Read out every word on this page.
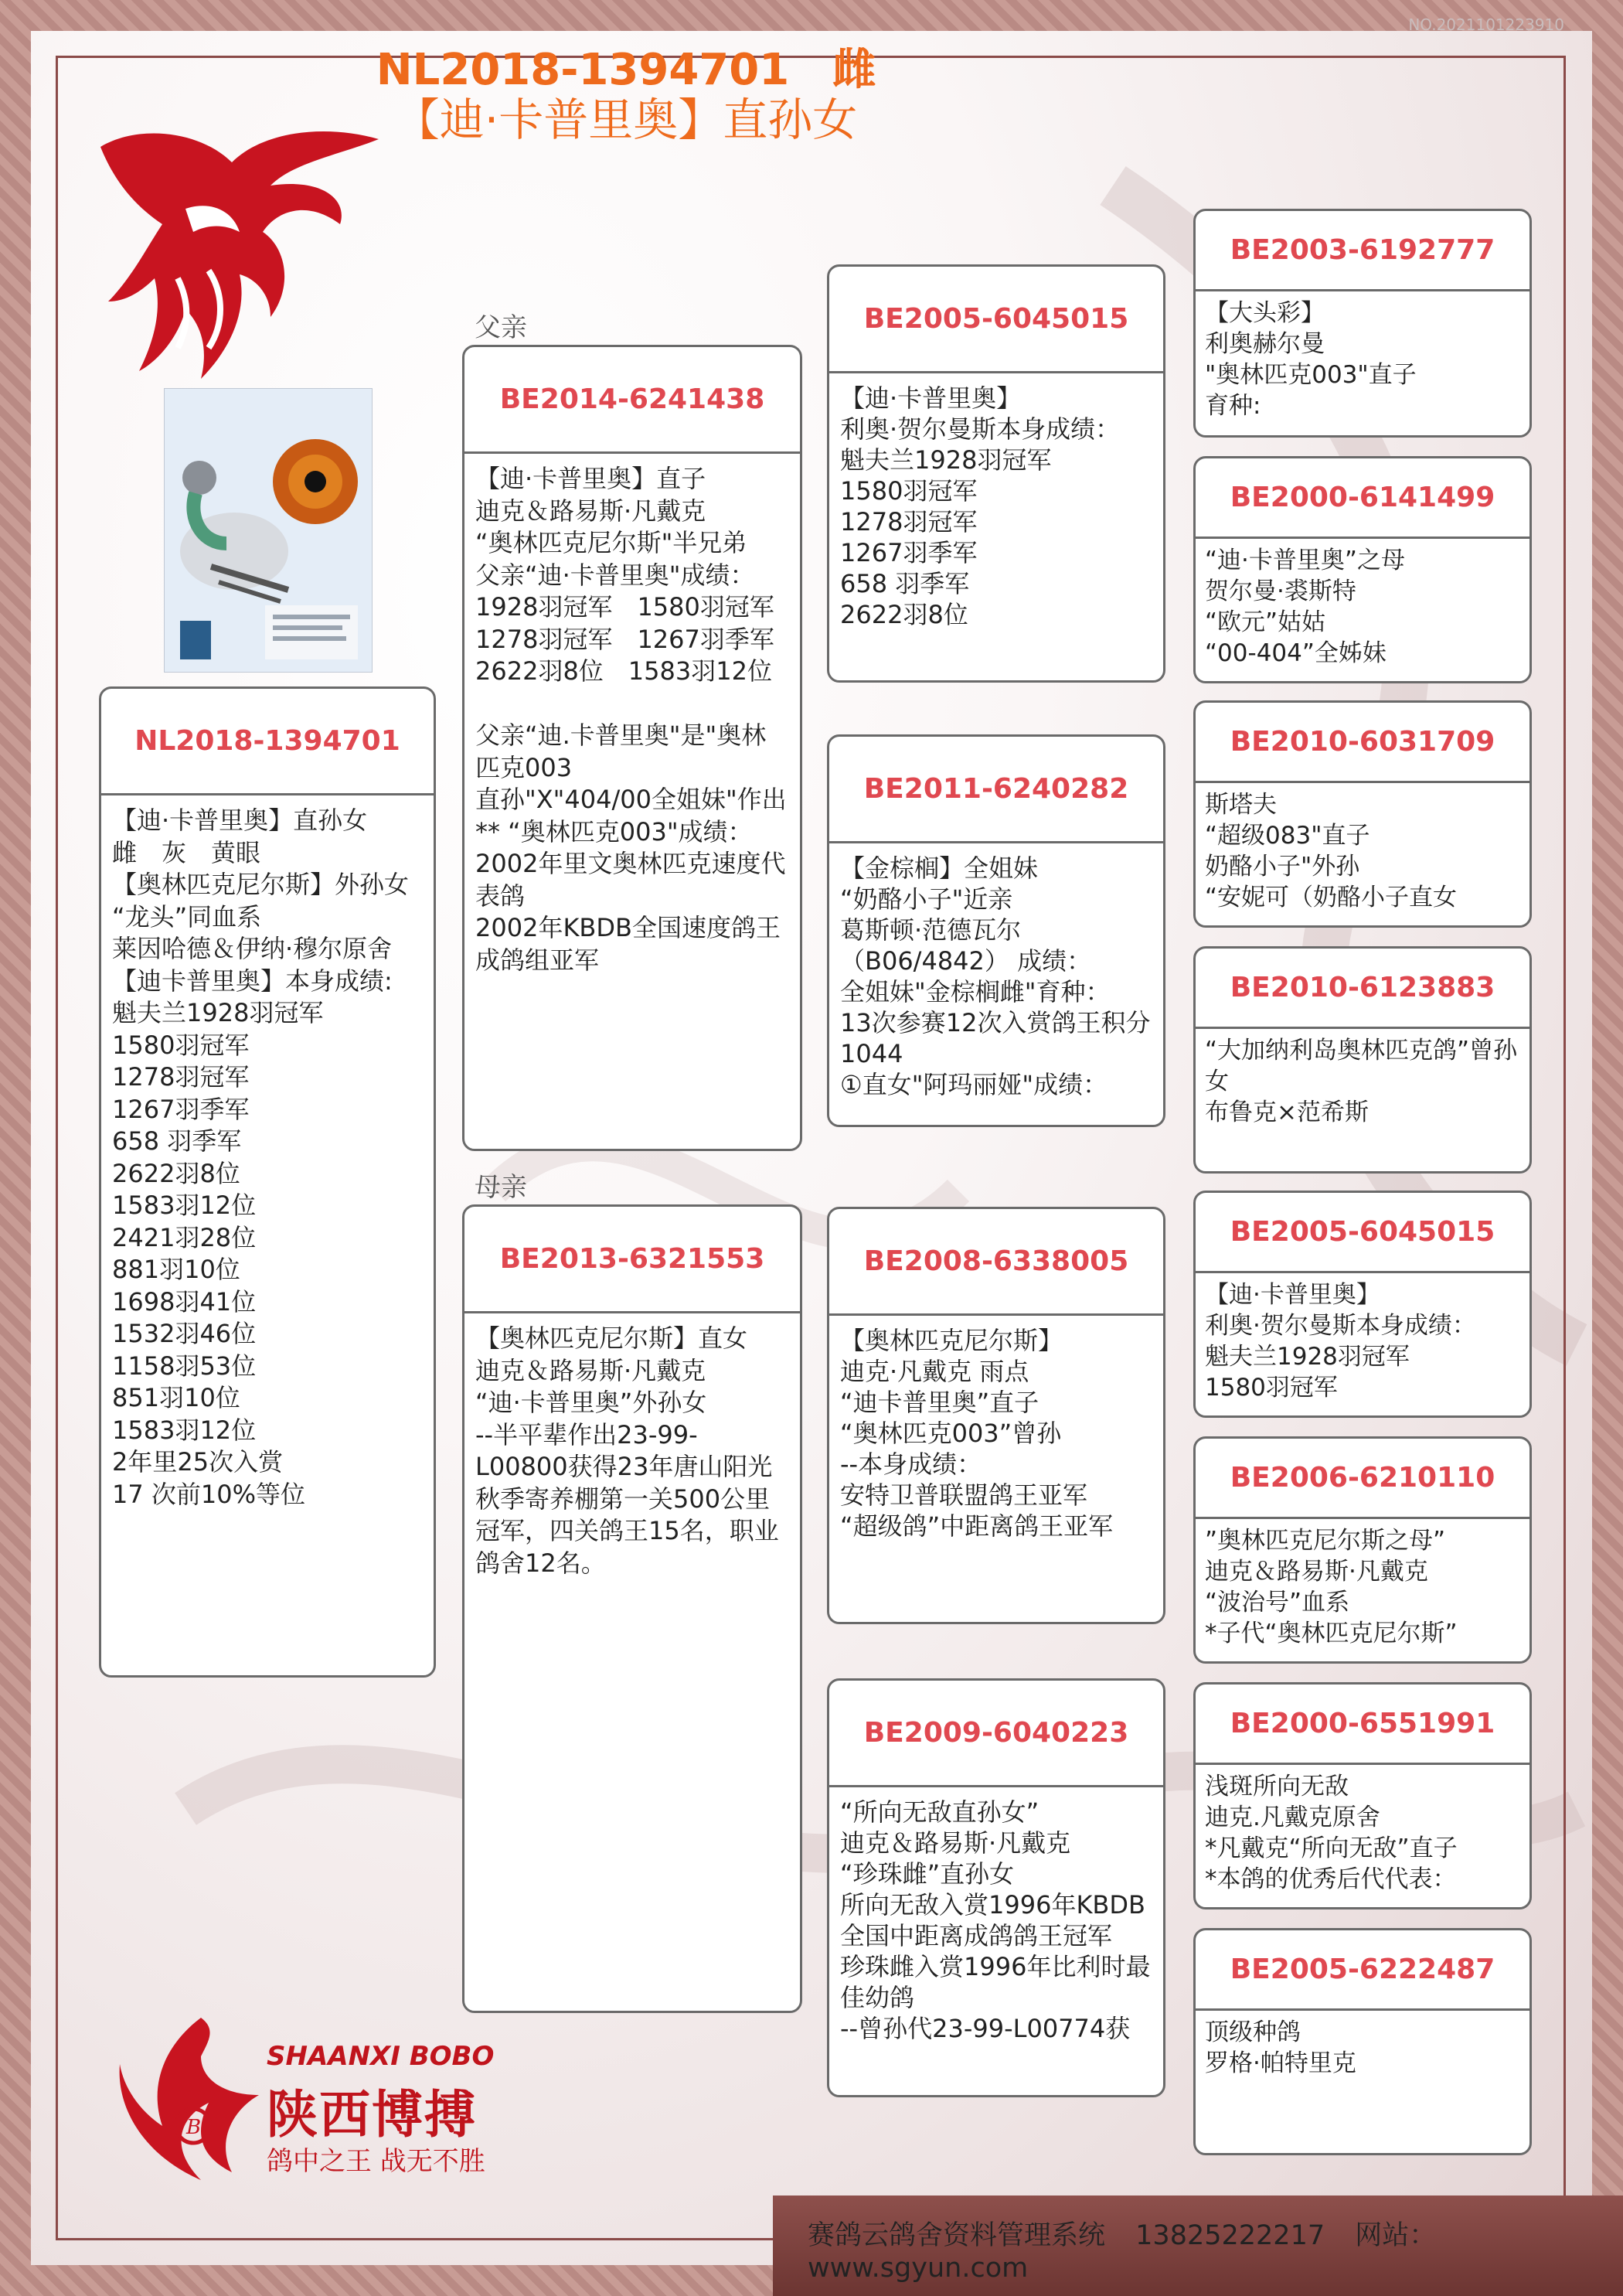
NO.2021101223910
NL2018-1394701　雌
【迪·卡普里奥】直孙女
NL2018-1394701
【迪·卡普里奥】直孙女
雌　灰　黄眼
【奥林匹克尼尔斯】外孙女
“龙头”同血系
莱因哈德＆伊纳·穆尔原舍
【迪卡普里奥】本身成绩:
魁夫兰1928羽冠军
1580羽冠军
1278羽冠军
1267羽季军
658 羽季军
2622羽8位
1583羽12位
2421羽28位
881羽10位
1698羽41位
1532羽46位
1158羽53位
851羽10位
1583羽12位
2年里25次入赏
17 次前10%等位
父亲
母亲
BE2014-6241438
【迪·卡普里奥】直子
迪克＆路易斯·凡戴克
“奥林匹克尼尔斯"半兄弟
父亲“迪·卡普里奥"成绩：
1928羽冠军　1580羽冠军
1278羽冠军　1267羽季军
2622羽8位　1583羽12位

父亲“迪.卡普里奥"是"奥林匹克003
直孙"X"404/00全姐妹"作出
** “奥林匹克003"成绩：
2002年里文奥林匹克速度代表鸽
2002年KBDB全国速度鸽王成鸽组亚军
BE2013-6321553
【奥林匹克尼尔斯】直女
迪克＆路易斯·凡戴克
“迪·卡普里奥”外孙女
--半平辈作出23-99-L00800获得23年唐山阳光秋季寄养棚第一关500公里冠军，四关鸽王15名，职业鸽舍12名。
BE2005-6045015
【迪·卡普里奥】
利奥·贺尔曼斯本身成绩：
魁夫兰1928羽冠军
1580羽冠军
1278羽冠军
1267羽季军
658 羽季军
2622羽8位
BE2011-6240282
【金棕榈】全姐妹
“奶酪小子"近亲
葛斯顿·范德瓦尔
（B06/4842） 成绩：
全姐妹"金棕榈雌"育种：
13次参赛12次入赏鸽王积分1044
①直女"阿玛丽娅"成绩：
BE2008-6338005
【奥林匹克尼尔斯】
迪克·凡戴克 雨点
“迪卡普里奥”直子
“奥林匹克003”曾孙
--本身成绩：
安特卫普联盟鸽王亚军
“超级鸽”中距离鸽王亚军
BE2009-6040223
“所向无敌直孙女”
迪克＆路易斯·凡戴克
“珍珠雌”直孙女
所向无敌入赏1996年KBDB全国中距离成鸽鸽王冠军
珍珠雌入赏1996年比利时最佳幼鸽
--曾孙代23-99-L00774获
BE2003-6192777
【大头彩】
利奥赫尔曼
"奥林匹克003"直子
育种:
BE2000-6141499
“迪·卡普里奥”之母
贺尔曼·裘斯特
“欧元”姑姑
“00-404”全姊妹
BE2010-6031709
斯塔夫
“超级083"直子
奶酪小子"外孙
“安妮可（奶酪小子直女
BE2010-6123883
“大加纳利岛奥林匹克鸽”曾孙女
布鲁克×范希斯
BE2005-6045015
【迪·卡普里奥】
利奥·贺尔曼斯本身成绩：
魁夫兰1928羽冠军
1580羽冠军
BE2006-6210110
”奥林匹克尼尔斯之母”
迪克＆路易斯·凡戴克
“波治号”血系
*子代“奥林匹克尼尔斯”
BE2000-6551991
浅斑所向无敌
迪克.凡戴克原舍
*凡戴克“所向无敌”直子
*本鸽的优秀后代代表：
BE2005-6222487
顶级种鸽
罗格·帕特里克
B
SHAANXI BOBO
陕西博搏
鸽中之王 战无不胜
赛鸽云鸽舍资料管理系统 13825222217 网站：www.sgyun.com
